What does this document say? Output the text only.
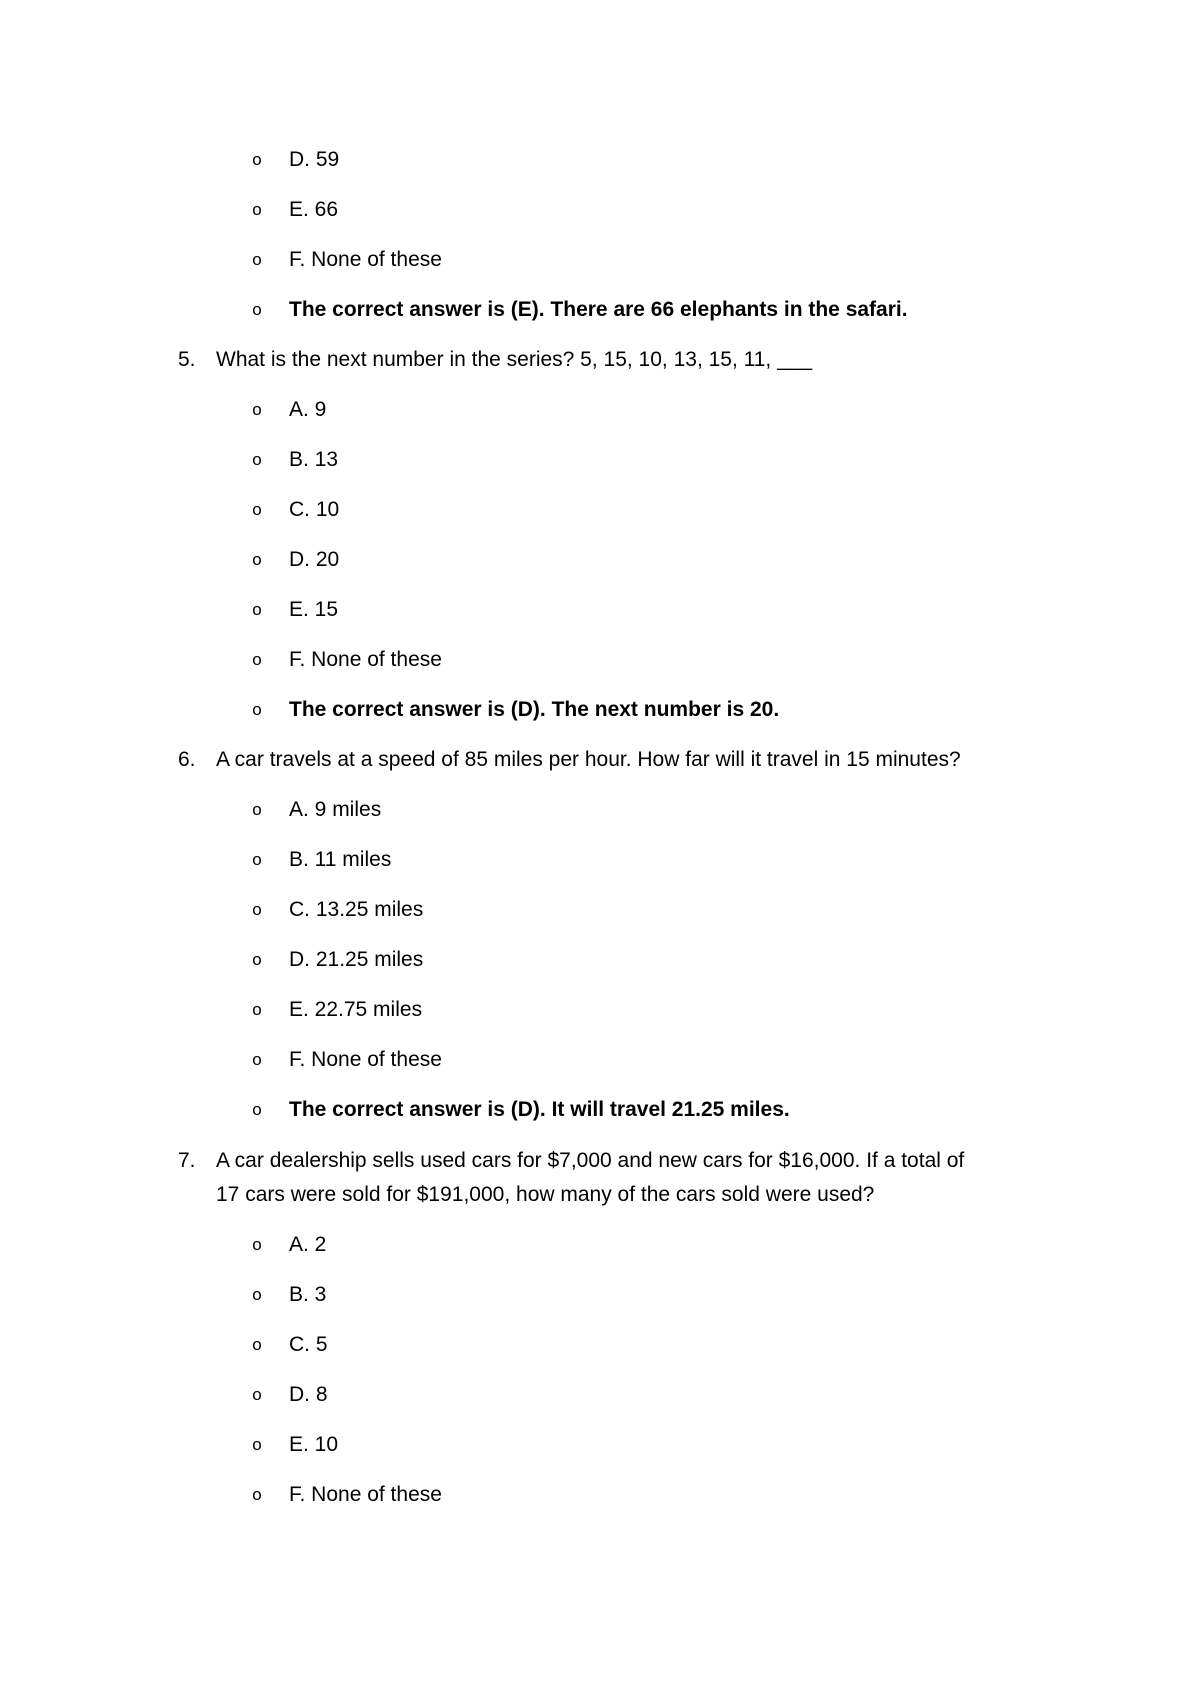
o D. 59
o E. 66
o F. None of these
o The correct answer is (E). There are 66 elephants in the safari.
5. What is the next number in the series? 5, 15, 10, 13, 15, 11, ___
o A. 9
o B. 13
o C. 10
o D. 20
o E. 15
o F. None of these
o The correct answer is (D). The next number is 20.
6. A car travels at a speed of 85 miles per hour. How far will it travel in 15 minutes?
o A. 9 miles
o B. 11 miles
o C. 13.25 miles
o D. 21.25 miles
o E. 22.75 miles
o F. None of these
o The correct answer is (D). It will travel 21.25 miles.
7. A car dealership sells used cars for $7,000 and new cars for $16,000. If a total of
17 cars were sold for $191,000, how many of the cars sold were used?
o A. 2
o B. 3
o C. 5
o D. 8
o E. 10
o F. None of these
